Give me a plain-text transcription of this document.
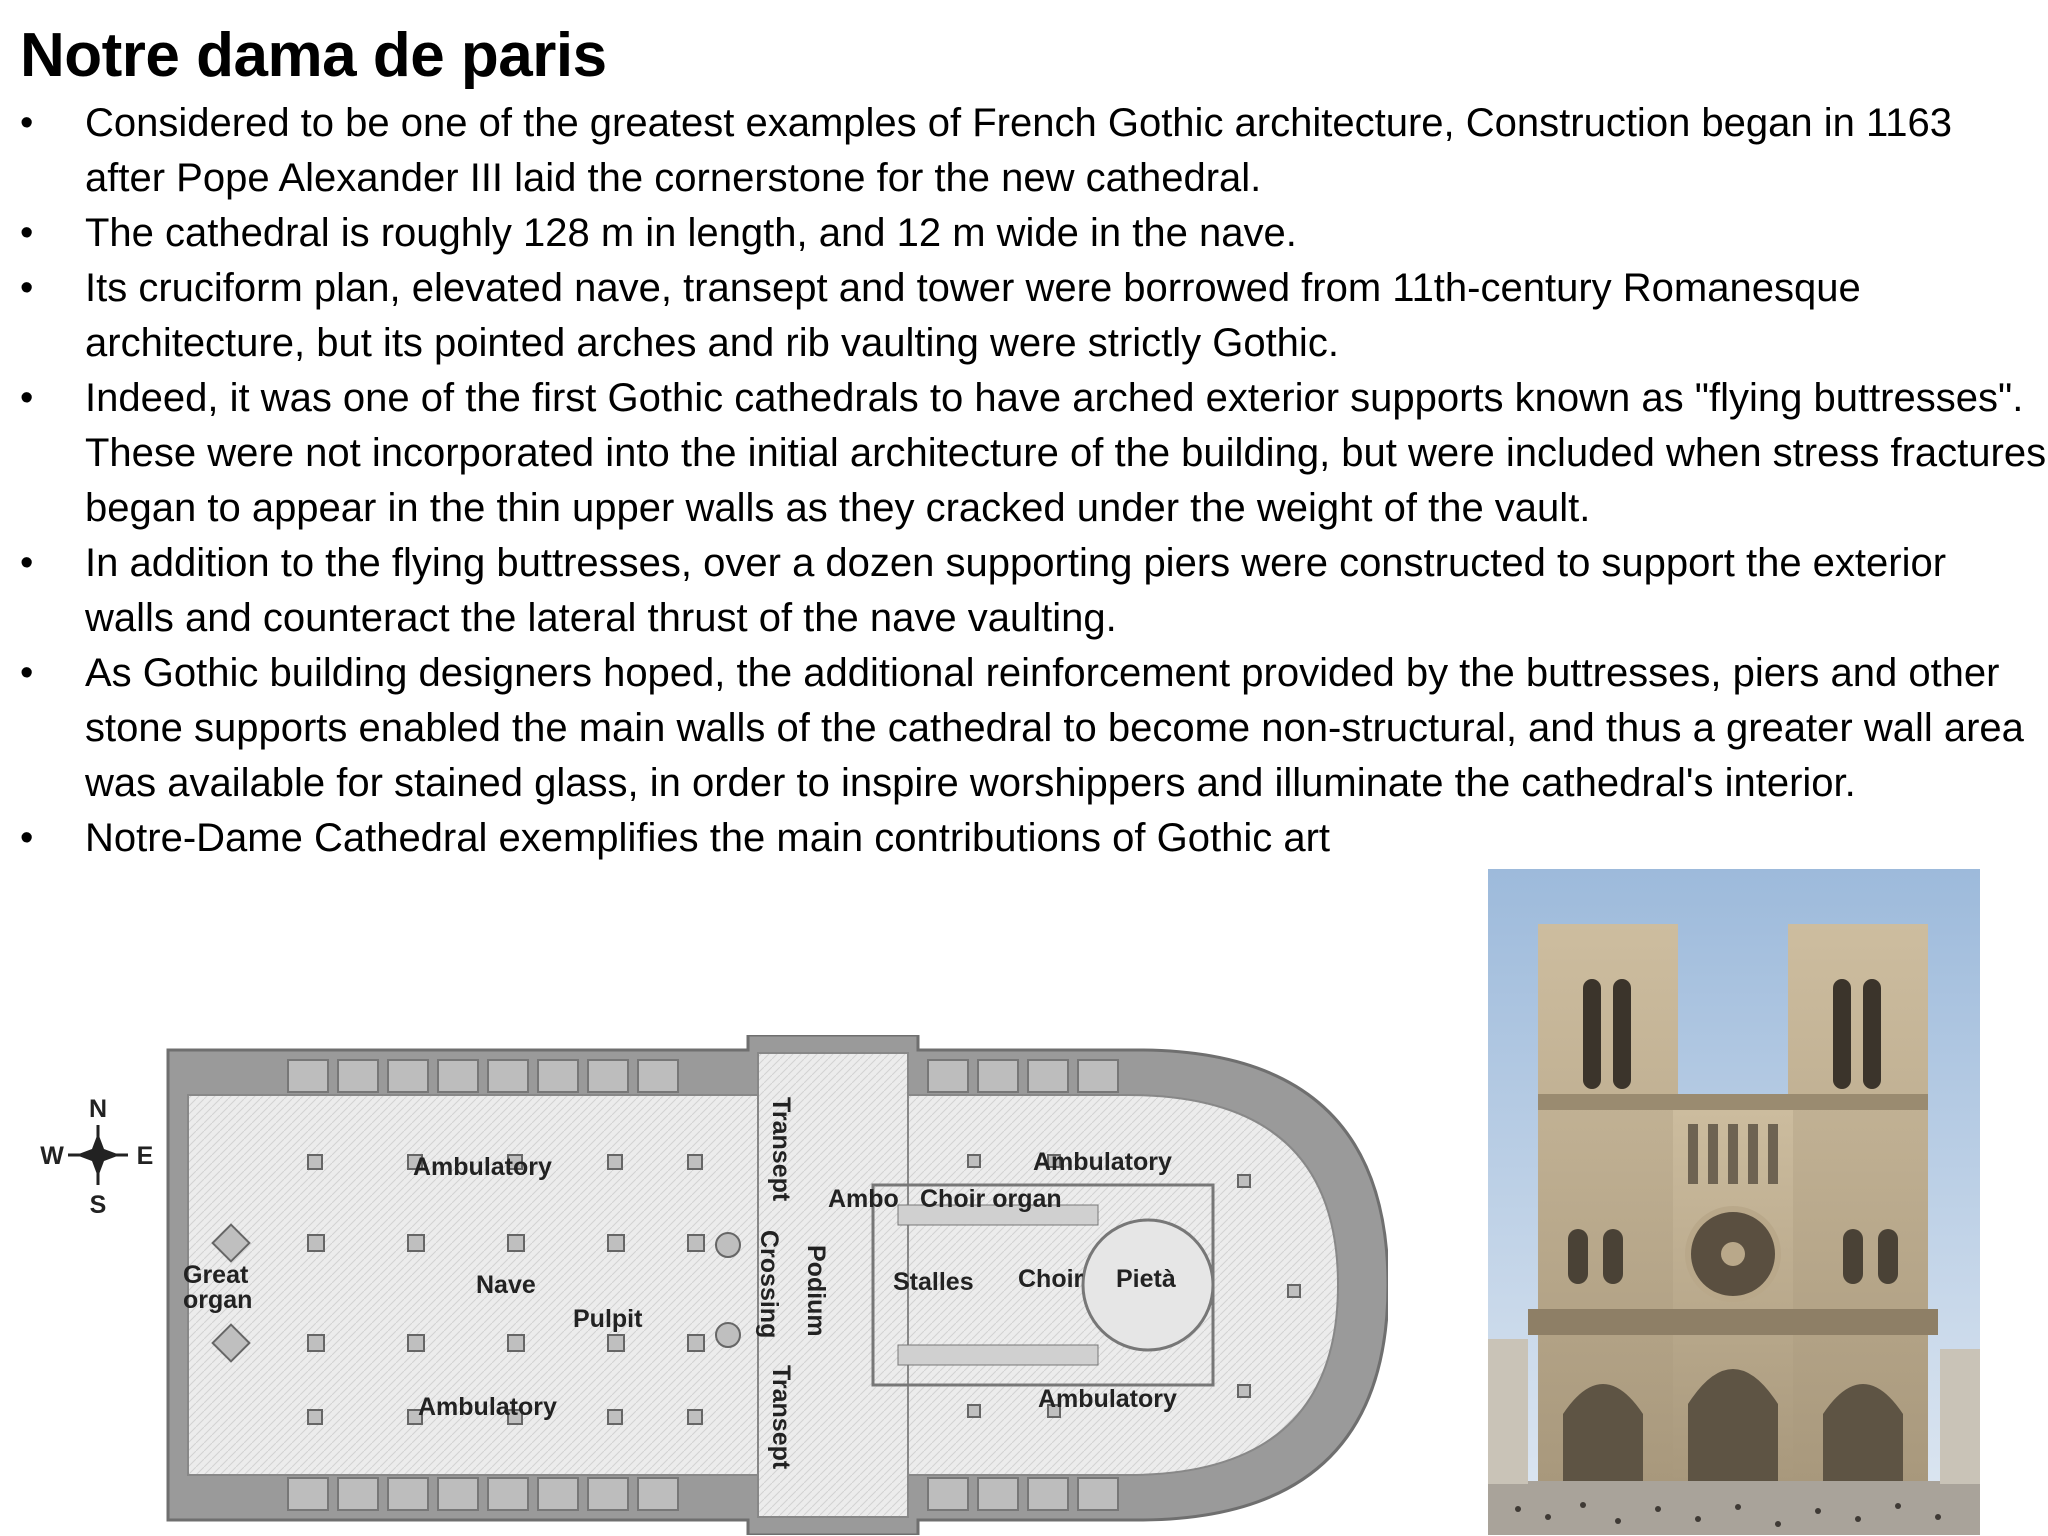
Notre dama de paris
•	Considered to be one of the greatest examples of French Gothic architecture, Construction began in 1163 after Pope Alexander III laid the cornerstone for the new cathedral.
•	The cathedral is roughly 128 m in length, and 12 m wide in the nave.
•	Its cruciform plan, elevated nave, transept and tower were borrowed from 11th-century Romanesque architecture, but its pointed arches and rib vaulting were strictly Gothic.
•	Indeed, it was one of the first Gothic cathedrals to have arched exterior supports known as "flying buttresses". These were not incorporated into the initial architecture of the building, but were included when stress fractures began to appear in the thin upper walls as they cracked under the weight of the vault.
•	In addition to the flying buttresses, over a dozen supporting piers were constructed to support the exterior walls and counteract the lateral thrust of the nave vaulting.
•	As Gothic building designers hoped, the additional reinforcement provided by the buttresses, piers and other stone supports enabled the main walls of the cathedral to become non-structural, and thus a greater wall area was available for stained glass, in order to inspire worshippers and illuminate the cathedral's interior.
•	Notre-Dame Cathedral exemplifies the main contributions of Gothic art
N
S
E
W	Ambulatory
Ambulatory
Ambulatory
Ambulatory
Great
organ
Nave
Pulpit
Transept
Transept
Crossing Podium
Ambo Choir organ
Stalles Choir Pietà
